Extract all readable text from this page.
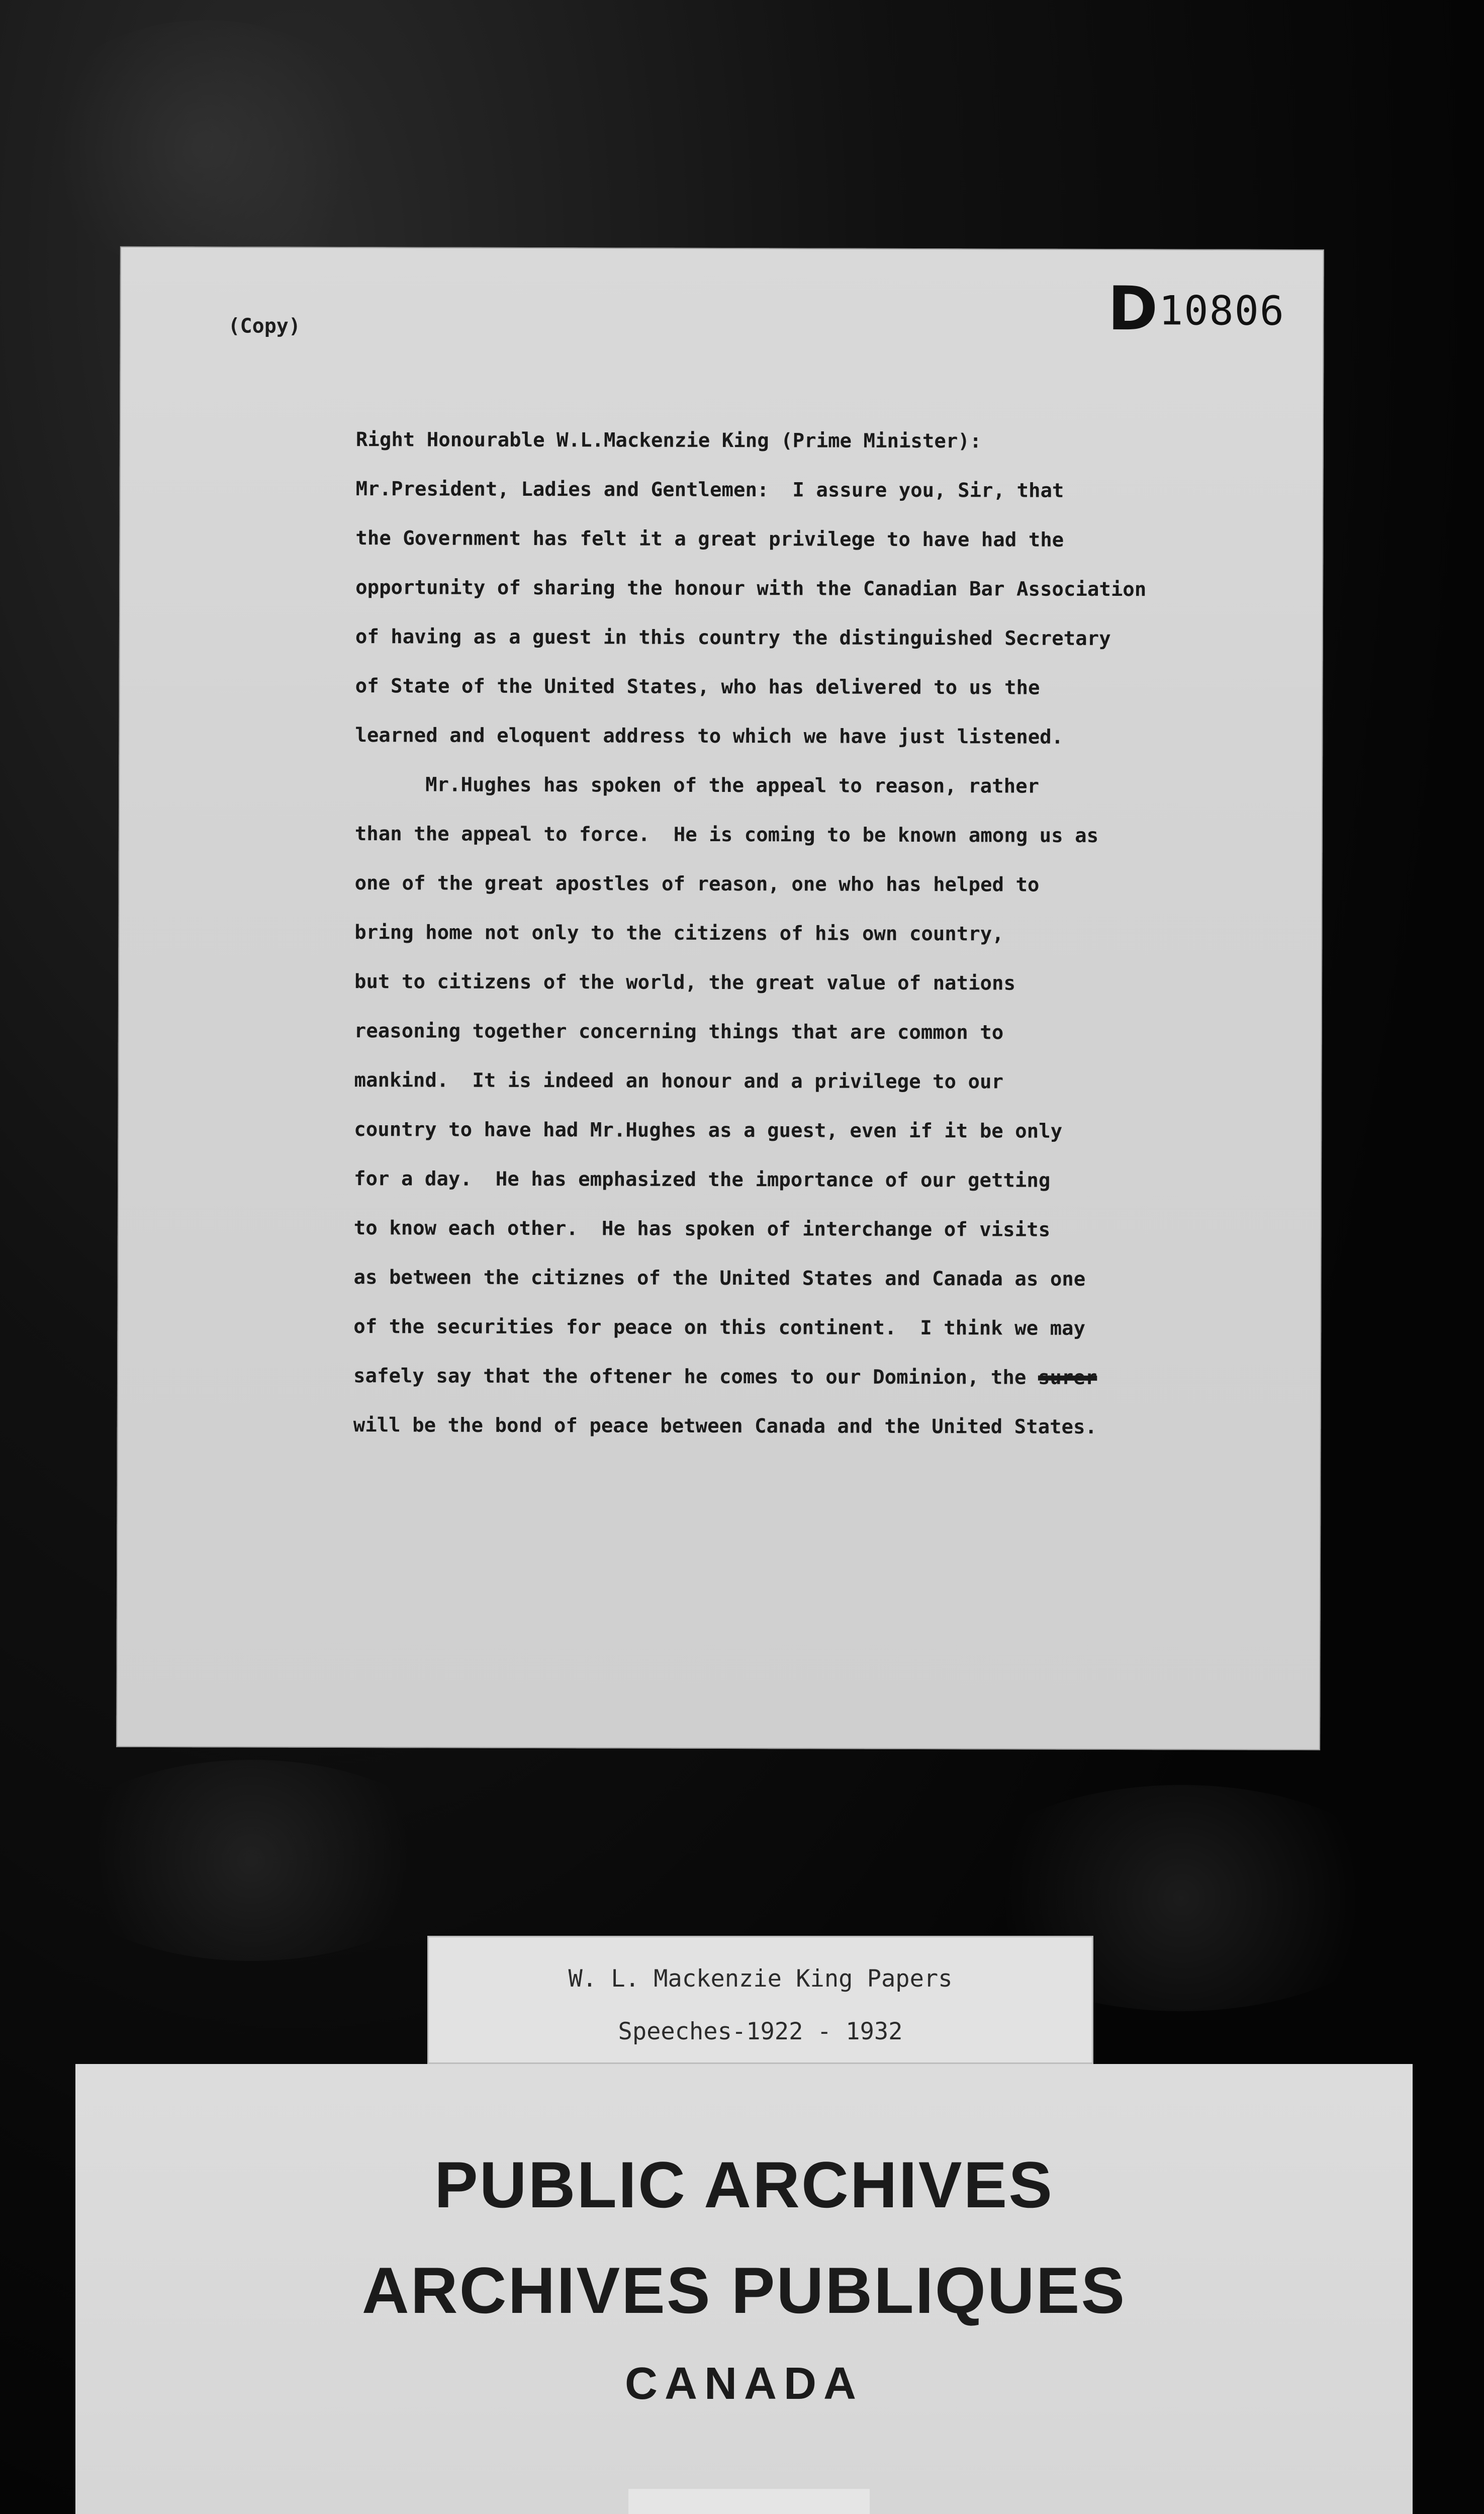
(Copy)	D10806
Right Honourable W.L.Mackenzie King (Prime Minister):
Mr.President, Ladies and Gentlemen:  I assure you, Sir, that
the Government has felt it a great privilege to have had the
opportunity of sharing the honour with the Canadian Bar Association
of having as a guest in this country the distinguished Secretary
of State of the United States, who has delivered to us the
learned and eloquent address to which we have just listened.
Mr.Hughes has spoken of the appeal to reason, rather
than the appeal to force.  He is coming to be known among us as
one of the great apostles of reason, one who has helped to
bring home not only to the citizens of his own country,
but to citizens of the world, the great value of nations
reasoning together concerning things that are common to
mankind.  It is indeed an honour and a privilege to our
country to have had Mr.Hughes as a guest, even if it be only
for a day.  He has emphasized the importance of our getting
to know each other.  He has spoken of interchange of visits
as between the citiznes of the United States and Canada as one
of the securities for peace on this continent.  I think we may
safely say that the oftener he comes to our Dominion, the surer
will be the bond of peace between Canada and the United States.
W. L. Mackenzie King Papers
Speeches-1922 - 1932
PUBLIC ARCHIVES
ARCHIVES PUBLIQUES
CANADA
